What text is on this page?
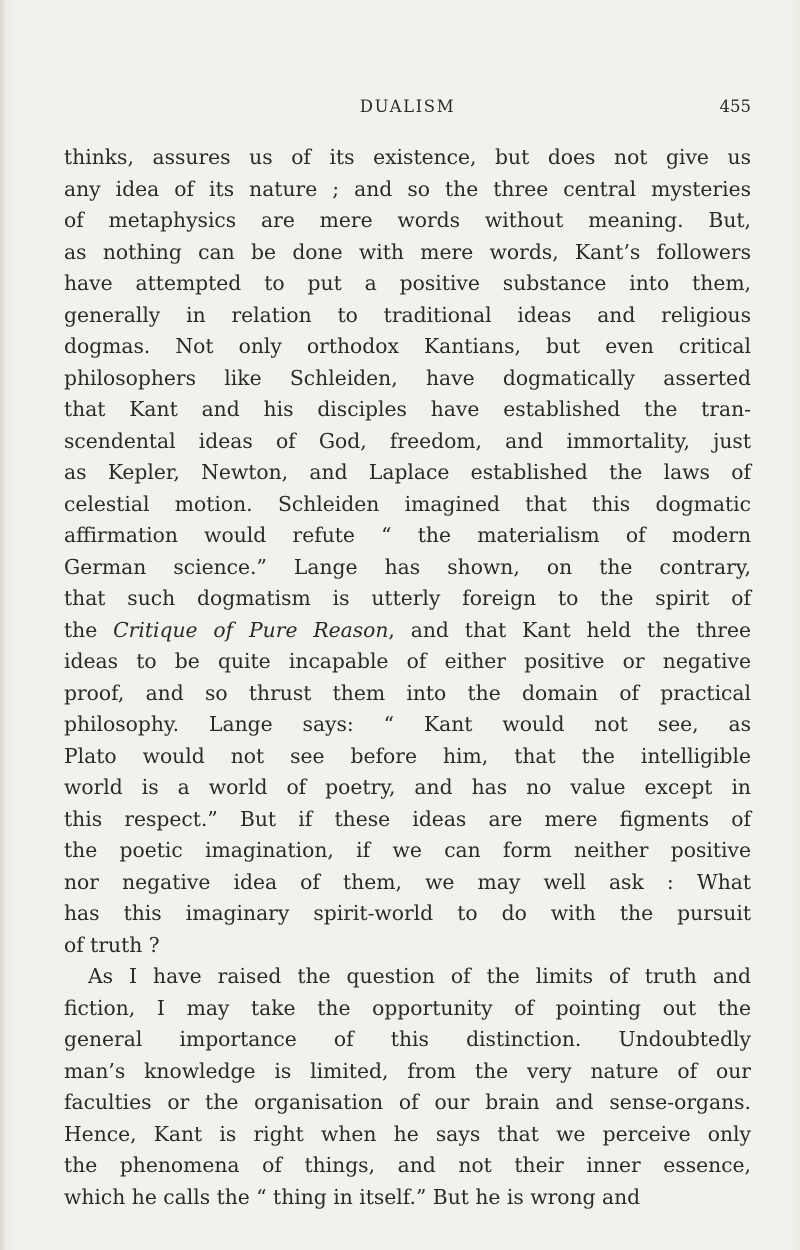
DUALISM	455
thinks, assures us of its existence, but does not give us
any idea of its nature ; and so the three central mysteries
of metaphysics are mere words without meaning. But,
as nothing can be done with mere words, Kant’s followers
have attempted to put a positive substance into them,
generally in relation to traditional ideas and religious
dogmas. Not only orthodox Kantians, but even critical
philosophers like Schleiden, have dogmatically asserted
that Kant and his disciples have established the tran-
scendental ideas of God, freedom, and immortality, just
as Kepler, Newton, and Laplace established the laws of
celestial motion. Schleiden imagined that this dogmatic
affirmation would refute “ the materialism of modern
German science.” Lange has shown, on the contrary,
that such dogmatism is utterly foreign to the spirit of
the Critique of Pure Reason, and that Kant held the three
ideas to be quite incapable of either positive or negative
proof, and so thrust them into the domain of practical
philosophy. Lange says: “ Kant would not see, as
Plato would not see before him, that the intelligible
world is a world of poetry, and has no value except in
this respect.” But if these ideas are mere figments of
the poetic imagination, if we can form neither positive
nor negative idea of them, we may well ask : What
has this imaginary spirit-world to do with the pursuit
of truth ?
As I have raised the question of the limits of truth and
fiction, I may take the opportunity of pointing out the
general importance of this distinction. Undoubtedly
man’s knowledge is limited, from the very nature of our
faculties or the organisation of our brain and sense-organs.
Hence, Kant is right when he says that we perceive only
the phenomena of things, and not their inner essence,
which he calls the “ thing in itself.” But he is wrong and
